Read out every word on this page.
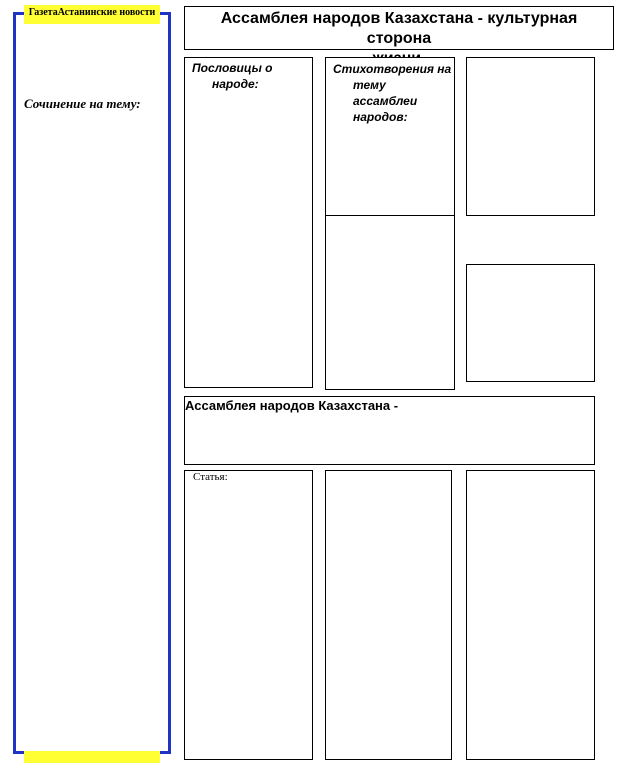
ГазетаАстанинские новости
Сочинение на тему:
Ассамблея народов Казахстана - культурная сторона
Пословицы о
народе:
Стихотворения на
тему ассамблеи
народов:
Ассамблея народов Казахстана -
Статья:
